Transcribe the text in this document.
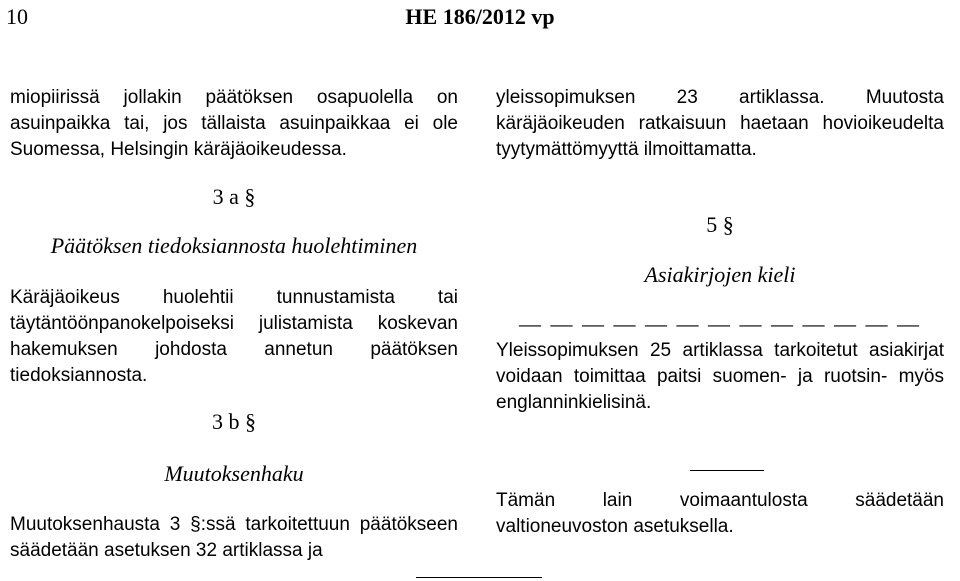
10	HE 186/2012 vp

miopiirissä jollakin päätöksen osapuolella on asuinpaikka tai, jos tällaista asuinpaikkaa ei ole Suomessa, Helsingin käräjäoikeudessa.

3 a §
Päätöksen tiedoksiannosta huolehtiminen

Käräjäoikeus huolehtii tunnustamista tai täytäntöönpanokelpoiseksi julistamista koskevan hakemuksen johdosta annetun päätöksen tiedoksiannosta.

3 b §
Muutoksenhaku

Muutoksenhausta 3 §:ssä tarkoitettuun päätökseen säädetään asetuksen 32 artiklassa ja

yleissopimuksen 23 artiklassa. Muutosta käräjäoikeuden ratkaisuun haetaan hovioikeudelta tyytymättömyyttä ilmoittamatta.

5 §
Asiakirjojen kieli
— — — — — — — — — — — — —

Yleissopimuksen 25 artiklassa tarkoitetut asiakirjat voidaan toimittaa paitsi suomen- ja ruotsin- myös englanninkielisinä.

Tämän lain voimaantulosta säädetään valtioneuvoston asetuksella.
